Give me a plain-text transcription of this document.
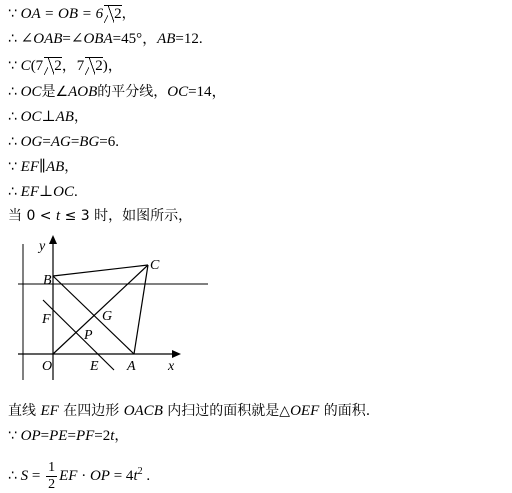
∵ OA = OB = 6 2，
∴ ∠OAB=∠OBA=45°，AB=12.
∵ C(7 2，7 2)，
∴ OC是∠AOB的平分线，OC=14，
∴ OC⊥AB，
∴ OG=AG=BG=6.
∵ EF∥AB，
∴ EF⊥OC.
当 0 < t ≤ 3 时，如图所示，
y
x
O	A
B
C
E
F	G
P
直线 EF 在四边形 OACB 内扫过的面积就是△OEF 的面积.
∵ OP=PE=PF=2t，
∴ $S = \frac{1}{2}$ EF · OP = $4t^2$ .
